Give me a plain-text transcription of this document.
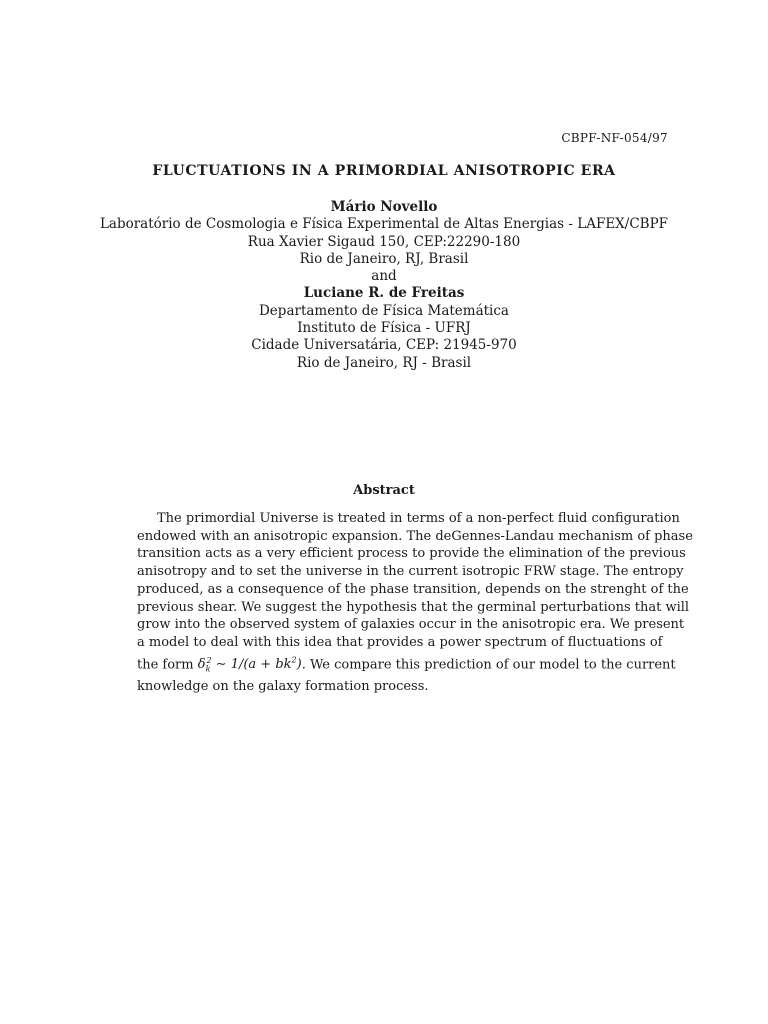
CBPF-NF-054/97
FLUCTUATIONS IN A PRIMORDIAL ANISOTROPIC ERA
Mário Novello
Laboratório de Cosmologia e Física Experimental de Altas Energias - LAFEX/CBPF
Rua Xavier Sigaud 150, CEP:22290-180
Rio de Janeiro, RJ, Brasil
and
Luciane R. de Freitas
Departamento de Física Matemática
Instituto de Física - UFRJ
Cidade Universatária, CEP: 21945-970
Rio de Janeiro, RJ - Brasil
Abstract
The primordial Universe is treated in terms of a non-perfect fluid configuration
endowed with an anisotropic expansion. The deGennes-Landau mechanism of phase
transition acts as a very efficient process to provide the elimination of the previous
anisotropy and to set the universe in the current isotropic FRW stage. The entropy
produced, as a consequence of the phase transition, depends on the strenght of the
previous shear. We suggest the hypothesis that the germinal perturbations that will
grow into the observed system of galaxies occur in the anisotropic era. We present
a model to deal with this idea that provides a power spectrum of fluctuations of
the form $\delta_k^2$ ∼ $1/(a + bk^2)$. We compare this prediction of our model to the current
knowledge on the galaxy formation process.
